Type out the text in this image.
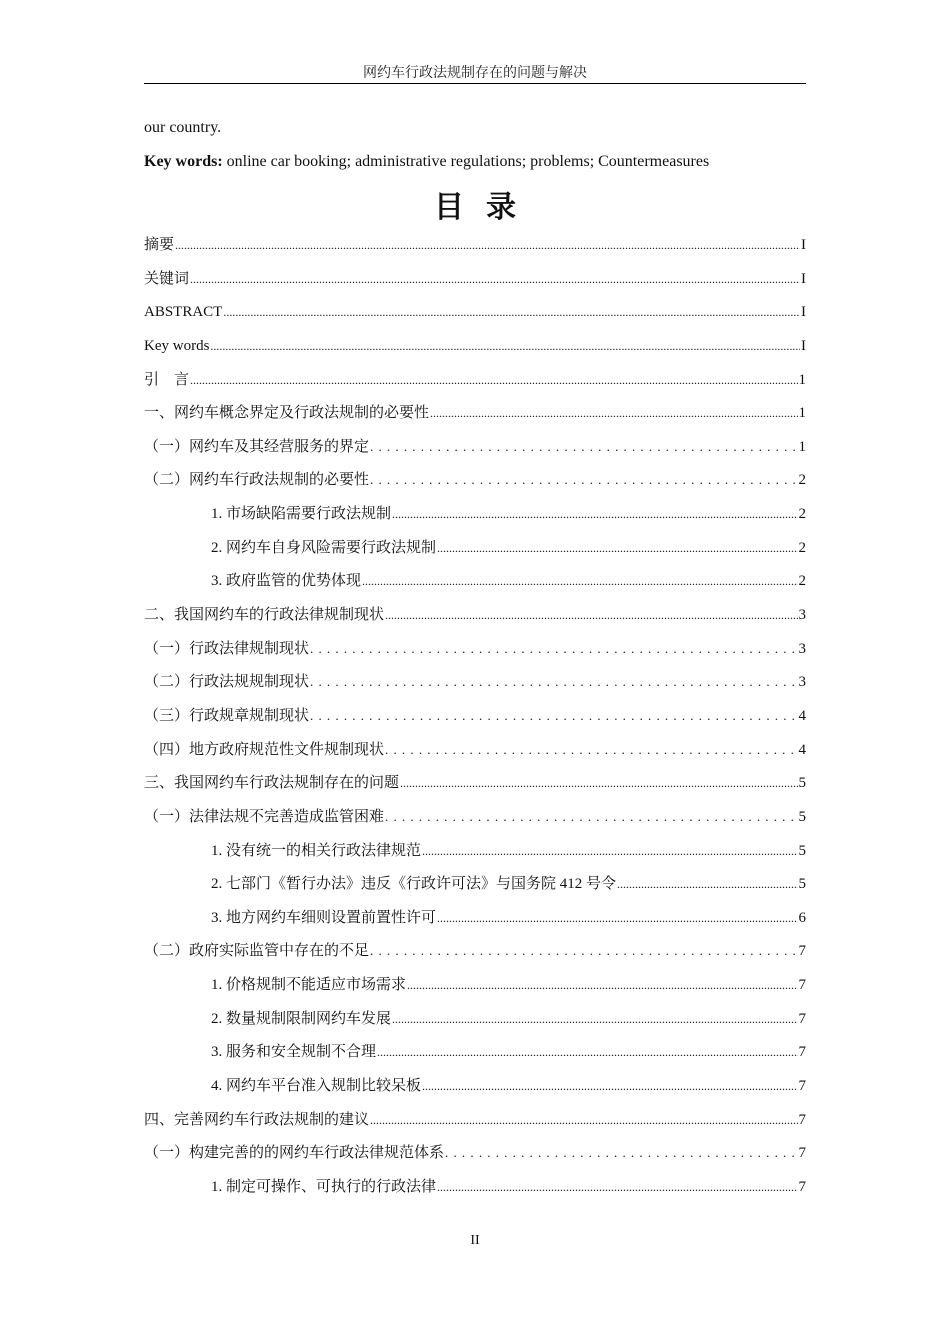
网约车行政法规制存在的问题与解决
our country.
Key words: online car booking; administrative regulations; problems; Countermeasures
目录
摘要 .....	I
关键词 .....	I
ABSTRACT .....	I
Key words .....	I
引　言 .....	1
一、网约车概念界定及行政法规制的必要性 .....	1
（一）网约车及其经营服务的界定 .....	1
（二）网约车行政法规制的必要性 .....	2
1. 市场缺陷需要行政法规制 .....	2
2. 网约车自身风险需要行政法规制 .....	2
3. 政府监管的优势体现 .....	2
二、我国网约车的行政法律规制现状 .....	3
（一）行政法律规制现状 .....	3
（二）行政法规规制现状 .....	3
（三）行政规章规制现状 .....	4
（四）地方政府规范性文件规制现状 .....	4
三、我国网约车行政法规制存在的问题 .....	5
（一）法律法规不完善造成监管困难 .....	5
1. 没有统一的相关行政法律规范 .....	5
2. 七部门《暂行办法》违反《行政许可法》与国务院 412 号令 .....	5
3. 地方网约车细则设置前置性许可 .....	6
（二）政府实际监管中存在的不足 .....	7
1. 价格规制不能适应市场需求 .....	7
2. 数量规制限制网约车发展 .....	7
3. 服务和安全规制不合理 .....	7
4. 网约车平台准入规制比较呆板 .....	7
四、完善网约车行政法规制的建议 .....	7
（一）构建完善的的网约车行政法律规范体系 .....	7
1. 制定可操作、可执行的行政法律 .....	7
II
